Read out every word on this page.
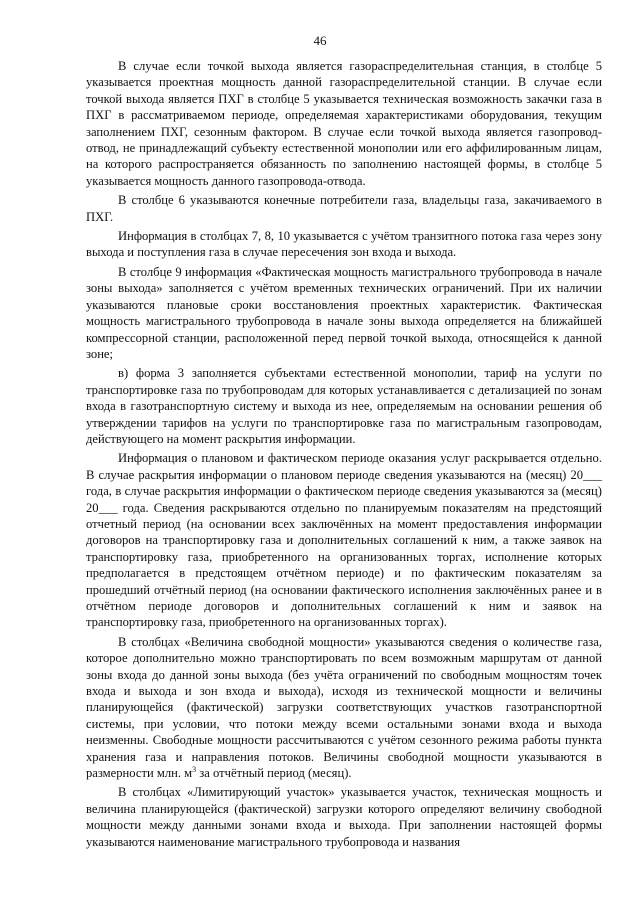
46

В случае если точкой выхода является газораспределительная станция, в столбце 5 указывается проектная мощность данной газораспределительной станции. В случае если точкой выхода является ПХГ в столбце 5 указывается техническая возможность закачки газа в ПХГ в рассматриваемом периоде, определяемая характеристиками оборудования, текущим заполнением ПХГ, сезонным фактором. В случае если точкой выхода является газопровод-отвод, не принадлежащий субъекту естественной монополии или его аффилированным лицам, на которого распространяется обязанность по заполнению настоящей формы, в столбце 5 указывается мощность данного газопровода-отвода.

В столбце 6 указываются конечные потребители газа, владельцы газа, закачиваемого в ПХГ.

Информация в столбцах 7, 8, 10 указывается с учётом транзитного потока газа через зону выхода и поступления газа в случае пересечения зон входа и выхода.

В столбце 9 информация «Фактическая мощность магистрального трубопровода в начале зоны выхода» заполняется с учётом временных технических ограничений. При их наличии указываются плановые сроки восстановления проектных характеристик. Фактическая мощность магистрального трубопровода в начале зоны выхода определяется на ближайшей компрессорной станции, расположенной перед первой точкой выхода, относящейся к данной зоне;

в) форма 3 заполняется субъектами естественной монополии, тариф на услуги по транспортировке газа по трубопроводам для которых устанавливается с детализацией по зонам входа в газотранспортную систему и выхода из нее, определяемым на основании решения об утверждении тарифов на услуги по транспортировке газа по магистральным газопроводам, действующего на момент раскрытия информации.

Информация о плановом и фактическом периоде оказания услуг раскрывается отдельно. В случае раскрытия информации о плановом периоде сведения указываются на (месяц) 20___ года, в случае раскрытия информации о фактическом периоде сведения указываются за (месяц) 20___ года. Сведения раскрываются отдельно по планируемым показателям на предстоящий отчетный период (на основании всех заключённых на момент предоставления информации договоров на транспортировку газа и дополнительных соглашений к ним, а также заявок на транспортировку газа, приобретенного на организованных торгах, исполнение которых предполагается в предстоящем отчётном периоде) и по фактическим показателям за прошедший отчётный период (на основании фактического исполнения заключённых ранее и в отчётном периоде договоров и дополнительных соглашений к ним и заявок на транспортировку газа, приобретенного на организованных торгах).

В столбцах «Величина свободной мощности» указываются сведения о количестве газа, которое дополнительно можно транспортировать по всем возможным маршрутам от данной зоны входа до данной зоны выхода (без учёта ограничений по свободным мощностям точек входа и выхода и зон входа и выхода), исходя из технической мощности и величины планирующейся (фактической) загрузки соответствующих участков газотранспортной системы, при условии, что потоки между всеми остальными зонами входа и выхода неизменны. Свободные мощности рассчитываются с учётом сезонного режима работы пункта хранения газа и направления потоков. Величины свободной мощности указываются в размерности млн. $м^3$ за отчётный период (месяц).

В столбцах «Лимитирующий участок» указывается участок, техническая мощность и величина планирующейся (фактической) загрузки которого определяют величину свободной мощности между данными зонами входа и выхода. При заполнении настоящей формы указываются наименование магистрального трубопровода и названия
